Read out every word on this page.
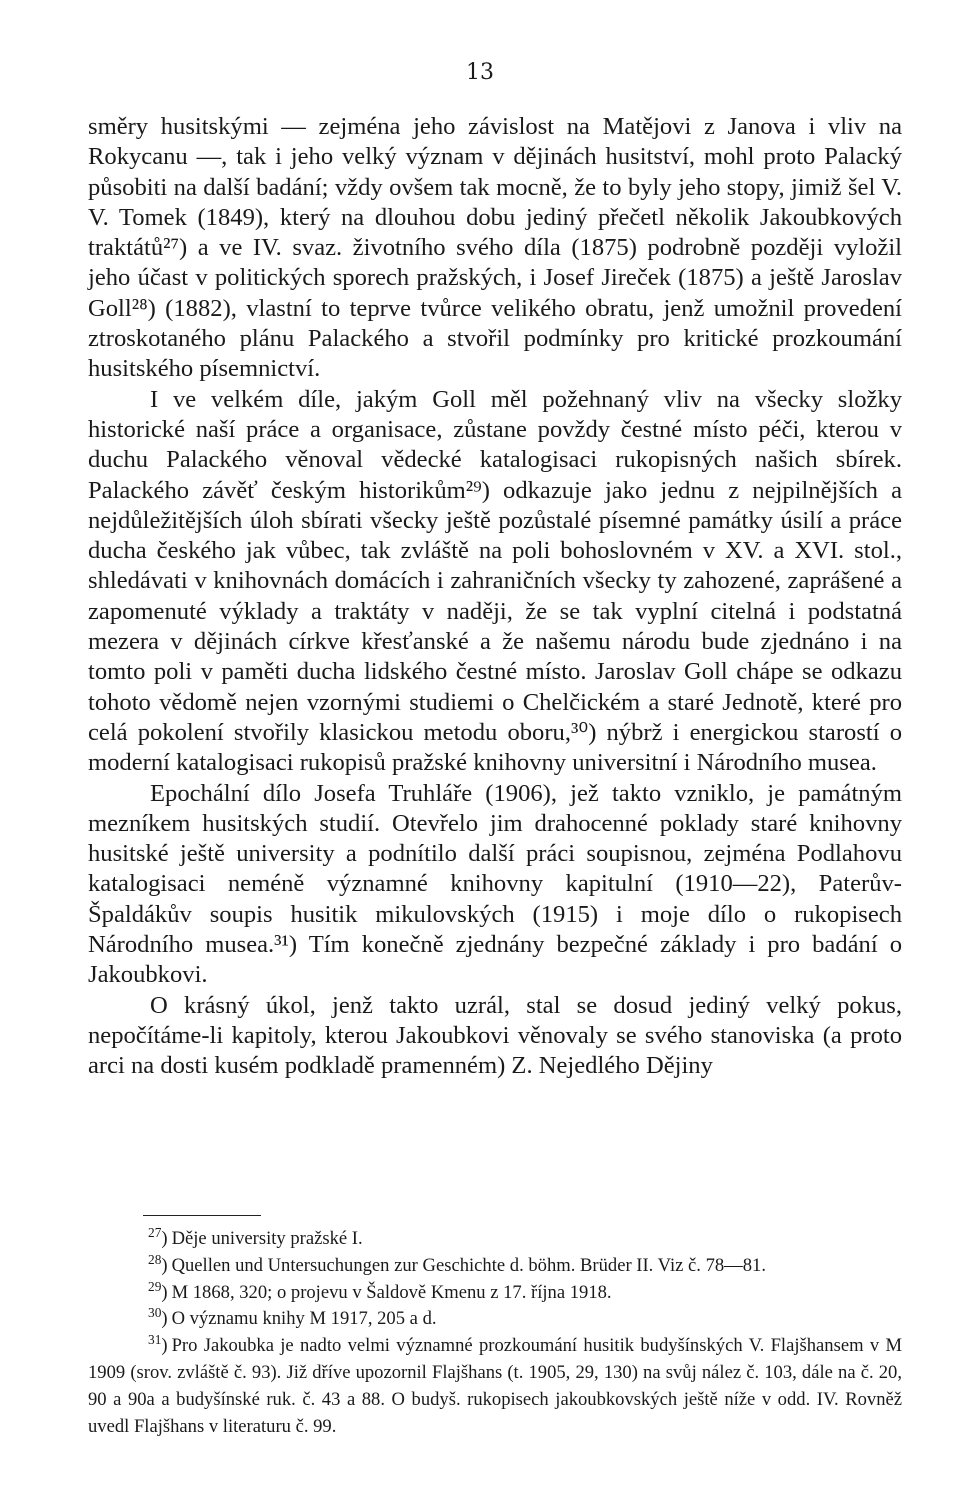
13

směry husitskými — zejména jeho závislost na Matějovi z Janova i vliv na Rokycanu —, tak i jeho velký význam v dějinách husitství, mohl proto Palacký působiti na další badání; vždy ovšem tak mocně, že to byly jeho stopy, jimiž šel V. V. Tomek (1849), který na dlouhou dobu jediný přečetl několik Jakoubkových traktátů²⁷) a ve IV. svaz. životního svého díla (1875) podrobně později vyložil jeho účast v politických sporech pražských, i Josef Jireček (1875) a ještě Jaroslav Goll²⁸) (1882), vlastní to teprve tvůrce velikého obratu, jenž umožnil provedení ztroskotaného plánu Palackého a stvořil podmínky pro kritické prozkoumání husitského písemnictví.

I ve velkém díle, jakým Goll měl požehnaný vliv na všecky složky historické naší práce a organisace, zůstane povždy čestné místo péči, kterou v duchu Palackého věnoval vědecké katalogisaci rukopisných našich sbírek. Palackého závěť českým historikům²⁹) odkazuje jako jednu z nejpilnějších a nejdůležitějších úloh sbírati všecky ještě pozůstalé písemné památky úsilí a práce ducha českého jak vůbec, tak zvláště na poli bohoslovném v XV. a XVI. stol., shledávati v knihovnách domácích i zahraničních všecky ty zahozené, zaprášené a zapomenuté výklady a traktáty v naději, že se tak vyplní citelná i podstatná mezera v dějinách církve křesťanské a že našemu národu bude zjednáno i na tomto poli v paměti ducha lidského čestné místo. Jaroslav Goll chápe se odkazu tohoto vědomě nejen vzornými studiemi o Chelčickém a staré Jednotě, které pro celá pokolení stvořily klasickou metodu oboru,³⁰) nýbrž i energickou starostí o moderní katalogisaci rukopisů pražské knihovny universitní i Národního musea.

Epochální dílo Josefa Truhláře (1906), jež takto vzniklo, je památným mezníkem husitských studií. Otevřelo jim drahocenné poklady staré knihovny husitské ještě university a podnítilo další práci soupisnou, zejména Podlahovu katalogisaci neméně významné knihovny kapitulní (1910—22), Paterův-Špaldákův soupis husitik mikulovských (1915) i moje dílo o rukopisech Národního musea.³¹) Tím konečně zjednány bezpečné základy i pro badání o Jakoubkovi.

O krásný úkol, jenž takto uzrál, stal se dosud jediný velký pokus, nepočítáme-li kapitoly, kterou Jakoubkovi věnovaly se svého stanoviska (a proto arci na dosti kusém podkladě pramenném) Z. Nejedlého Dějiny

$^{27}$) Děje university pražské I.

$^{28}$) Quellen und Untersuchungen zur Geschichte d. böhm. Brüder II. Viz č. 78—81.

$^{29}$) M 1868, 320; o projevu v Šaldově Kmenu z 17. října 1918.

$^{30}$) O významu knihy M 1917, 205 a d.

$^{31}$) Pro Jakoubka je nadto velmi významné prozkoumání husitik budyšínských V. Flajšhansem v M 1909 (srov. zvláště č. 93). Již dříve upozornil Flajšhans (t. 1905, 29, 130) na svůj nález č. 103, dále na č. 20, 90 a 90a a budyšínské ruk. č. 43 a 88. O budyš. rukopisech jakoubkovských ještě níže v odd. IV. Rovněž uvedl Flajšhans v literaturu č. 99.
